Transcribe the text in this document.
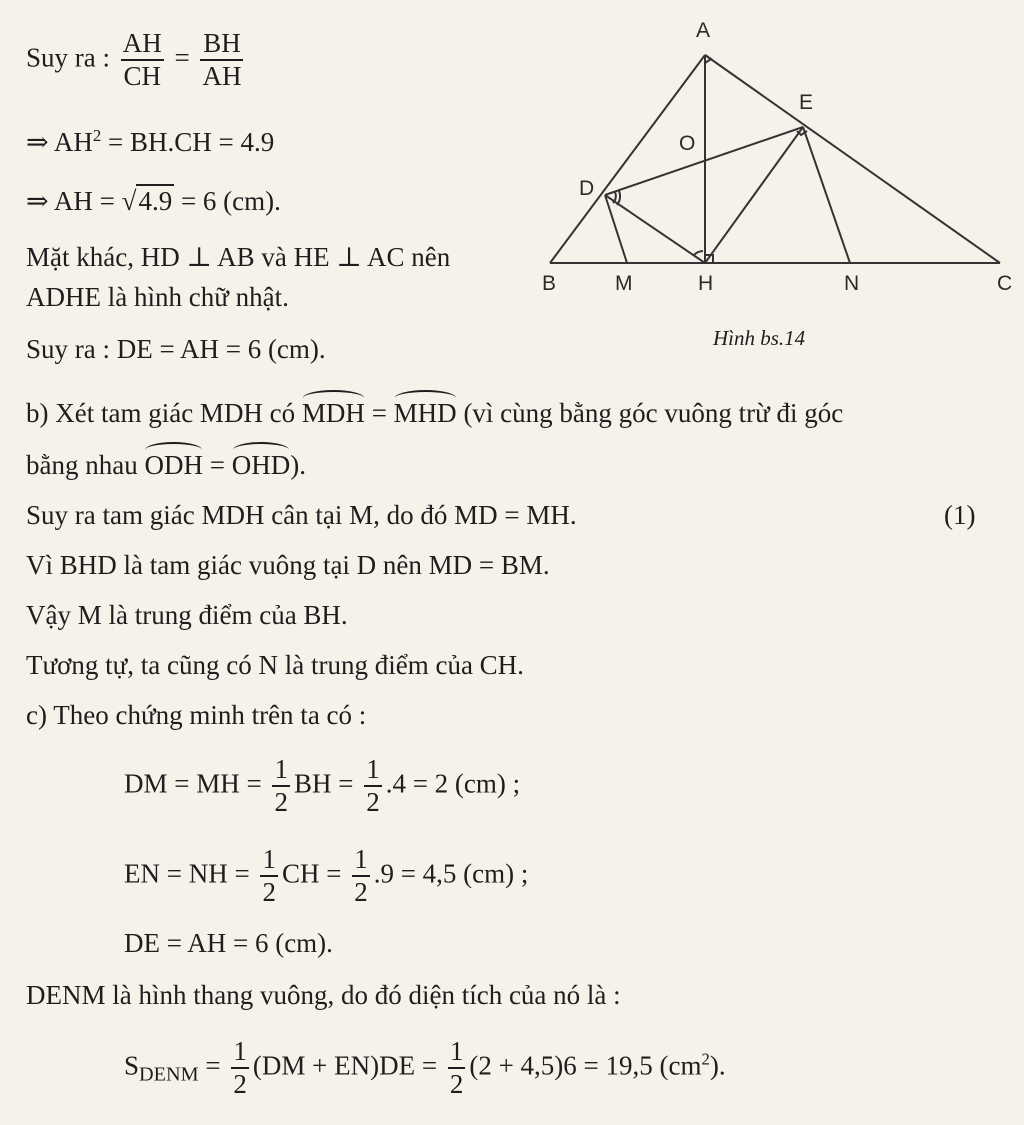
Suy ra : $\frac{AH}{CH} = \frac{BH}{AH}$
⇒ $AH^2 = BH.CH = 4.9$
⇒ AH = √4.9 = 6 (cm).
Mặt khác, HD ⊥ AB và HE ⊥ AC nên
ADHE là hình chữ nhật.
Suy ra : DE = AH = 6 (cm).
A
E
O
D
B	M	H	N	C
Hình bs.14
b) Xét tam giác MDH có MDH = MHD (vì cùng bằng góc vuông trừ đi góc
bằng nhau ODH = OHD).
Suy ra tam giác MDH cân tại M, do đó MD = MH.	(1)
Vì BHD là tam giác vuông tại D nên MD = BM.
Vậy M là trung điểm của BH.
Tương tự, ta cũng có N là trung điểm của CH.
c) Theo chứng minh trên ta có :
DM = MH = $\frac{1}{2}$ BH = $\frac{1}{2} .4 = 2$ (cm) ;
EN = NH = $\frac{1}{2}$ CH = $\frac{1}{2} .9 = 4,5$ (cm) ;
DE = AH = 6 (cm).
DENM là hình thang vuông, do đó diện tích của nó là :
$S_{DENM} = \frac{1}{2} (DM + EN)DE = \frac{1}{2} (2 + 4,5)6 = 19,5$ $(cm^2)$.
